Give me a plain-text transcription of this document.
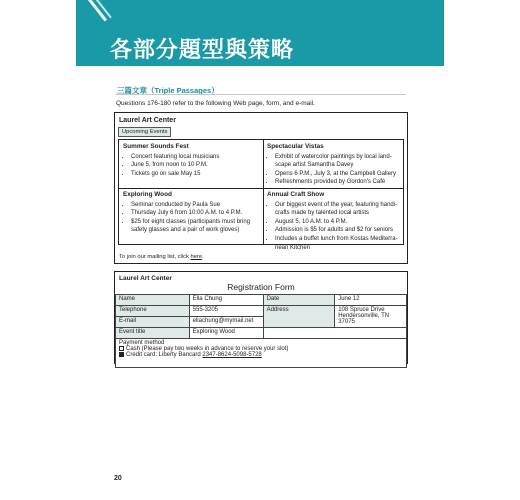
各部分題型與策略
三篇文章（Triple Passages）
Questions 176-180 refer to the following Web page, form, and e-mail.
Laurel Art Center
Upcoming Events
Summer Sounds Fest
• Concert featuring local musicians
• June 5, from noon to 10 P.M.
• Tickets go on sale May 15
Spectacular Vistas
• Exhibit of watercolor paintings by local land-scape artist Samantha Davey
• Opens 6 P.M., July 3, at the Campbell Gallery
• Refreshments provided by Gordon's Café
Exploring Wood
• Seminar conducted by Paula Sue
• Thursday July 6 from 10:00 A.M. to 4 P.M.
• $25 for eight classes (participants must bring safety glasses and a pair of work gloves)
Annual Craft Show
• Our biggest event of the year, featuring handi-crafts made by talented local artists
• August 5, 10 A.M. to 4 P.M.
• Admission is $5 for adults and $2 for seniors
• Includes a buffet lunch from Kostas Mediterra-nean Kitchen
To join our mailing list, click here.
Laurel Art Center
Registration Form
Name	Ella Chung	Date	June 12
Telephone	555-3205	Address	108 Spruce Drive
Hendersonville, TN 37075

E-mail	ellachung@mymail.net		
Event title	Exploring Wood		

Payment method
Cash (Please pay two weeks in advance to reserve your slot)
Credit card: Liberty Bancard 2347-8624-5098-5728			
20
